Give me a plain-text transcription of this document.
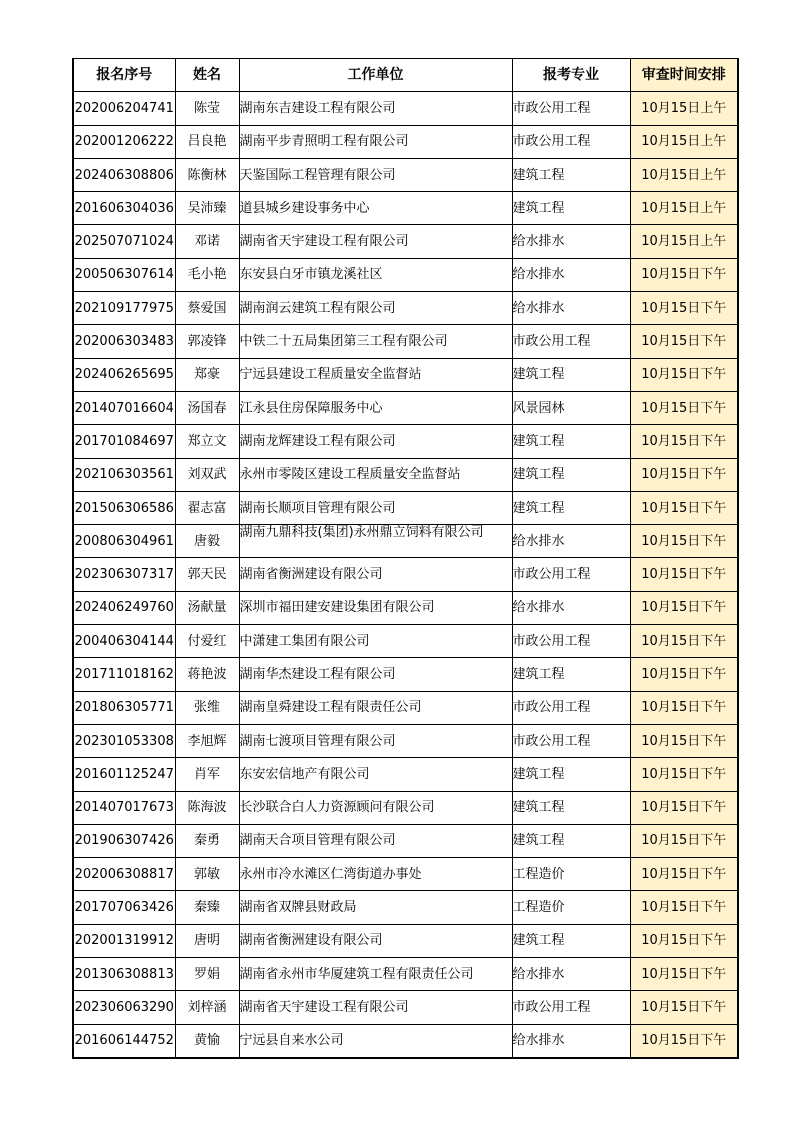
报名序号	姓名	工作单位	报考专业	审查时间安排
202006204741	陈莹	湖南东吉建设工程有限公司	市政公用工程	10月15日上午
202001206222	吕良艳	湖南平步青照明工程有限公司	市政公用工程	10月15日上午
202406308806	陈衡林	天鉴国际工程管理有限公司	建筑工程	10月15日上午
201606304036	吴沛臻	道县城乡建设事务中心	建筑工程	10月15日上午
202507071024	邓诺	湖南省天宇建设工程有限公司	给水排水	10月15日上午
200506307614	毛小艳	东安县白牙市镇龙溪社区	给水排水	10月15日下午
202109177975	蔡爱国	湖南润云建筑工程有限公司	给水排水	10月15日下午
202006303483	郭凌锋	中铁二十五局集团第三工程有限公司	市政公用工程	10月15日下午
202406265695	郑豪	宁远县建设工程质量安全监督站	建筑工程	10月15日下午
201407016604	汤国春	江永县住房保障服务中心	风景园林	10月15日下午
201701084697	郑立文	湖南龙辉建设工程有限公司	建筑工程	10月15日下午
202106303561	刘双武	永州市零陵区建设工程质量安全监督站	建筑工程	10月15日下午
201506306586	翟志富	湖南长顺项目管理有限公司	建筑工程	10月15日下午
200806304961	唐毅	湖南九鼎科技(集团)永州鼎立饲料有限公司	给水排水	10月15日下午
202306307317	郭天民	湖南省衡洲建设有限公司	市政公用工程	10月15日下午
202406249760	汤献量	深圳市福田建安建设集团有限公司	给水排水	10月15日下午
200406304144	付爱红	中潇建工集团有限公司	市政公用工程	10月15日下午
201711018162	蒋艳波	湖南华杰建设工程有限公司	建筑工程	10月15日下午
201806305771	张维	湖南皇舜建设工程有限责任公司	市政公用工程	10月15日下午
202301053308	李旭辉	湖南七渡项目管理有限公司	市政公用工程	10月15日下午
201601125247	肖军	东安宏信地产有限公司	建筑工程	10月15日下午
201407017673	陈海波	长沙联合白人力资源顾问有限公司	建筑工程	10月15日下午
201906307426	秦勇	湖南天合项目管理有限公司	建筑工程	10月15日下午
202006308817	郭敏	永州市冷水滩区仁湾街道办事处	工程造价	10月15日下午
201707063426	秦臻	湖南省双牌县财政局	工程造价	10月15日下午
202001319912	唐明	湖南省衡洲建设有限公司	建筑工程	10月15日下午
201306308813	罗娟	湖南省永州市华厦建筑工程有限责任公司	给水排水	10月15日下午
202306063290	刘梓涵	湖南省天宇建设工程有限公司	市政公用工程	10月15日下午
201606144752	黄愉	宁远县自来水公司	给水排水	10月15日下午
